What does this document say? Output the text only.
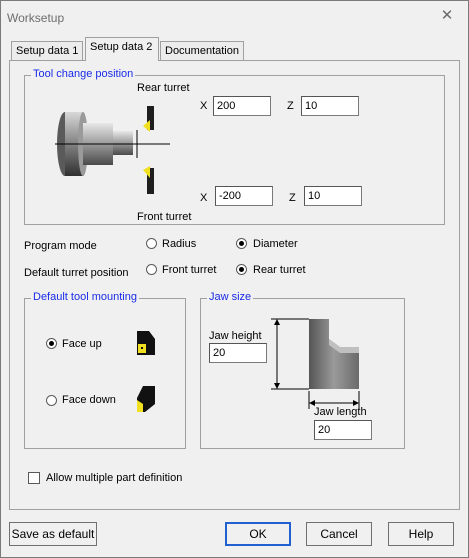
Worksetup	✕
Setup data 1	Setup data 2	Documentation
Tool change position
Rear turret
Front turret
X
200	Z
10
X
-200	Z
10
Program mode	Radius	Diameter
Default turret position	Front turret	Rear turret
Default tool mounting
Face up
Face down
Jaw size
Jaw height
20
Jaw length
20
Allow multiple part definition
Save as default	OK	Cancel	Help
